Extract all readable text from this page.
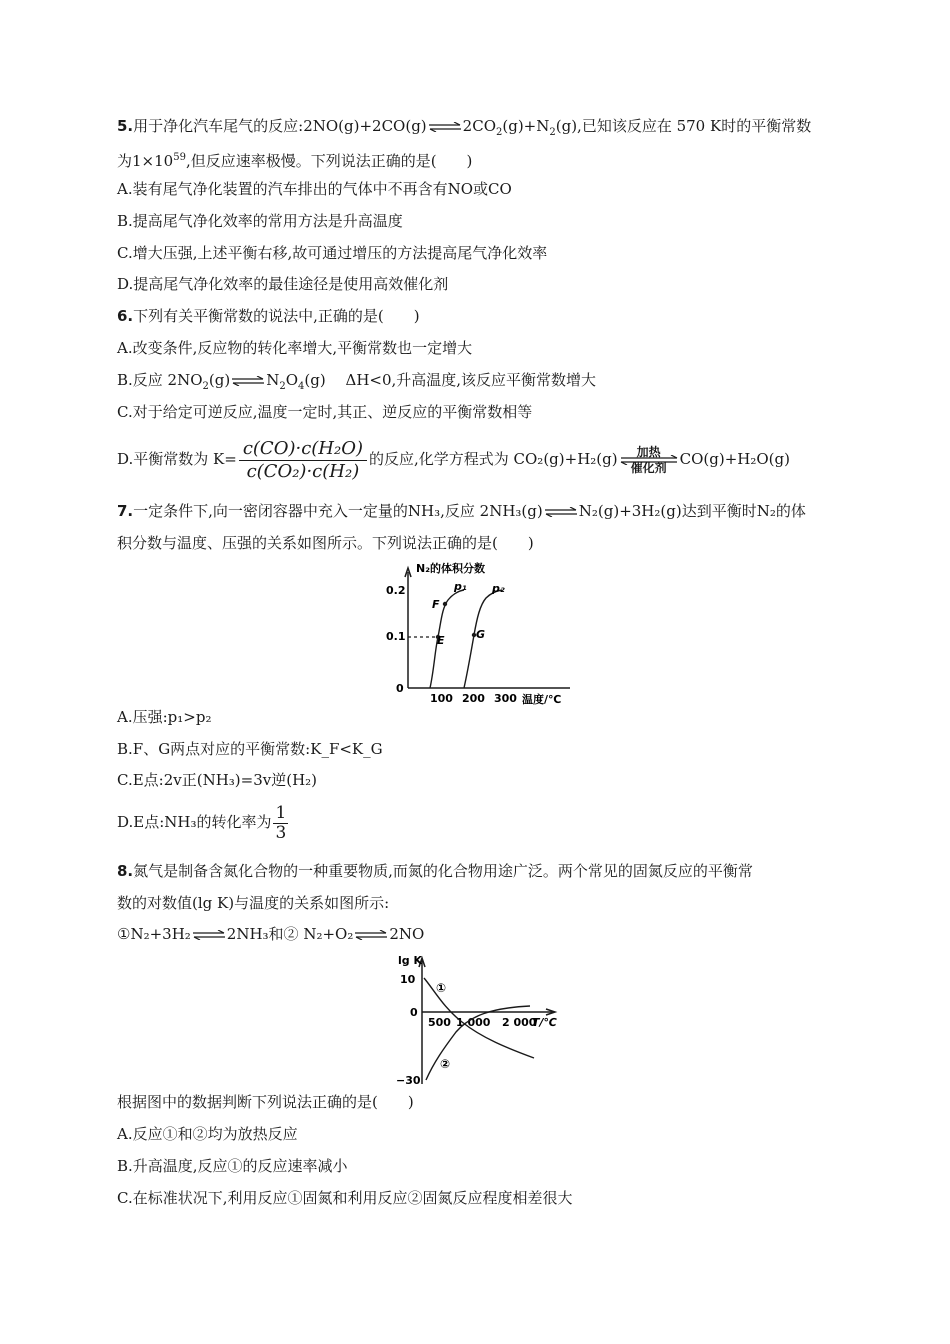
5.用于净化汽车尾气的反应$:2NO(g)+2CO(g)\rightleftharpoons 2CO_2(g)+N_2(g)$,已知该反应在 570 K时的平衡常数
为$1\times 10^{59}$,但反应速率极慢。下列说法正确的是(　　)
A.装有尾气净化装置的汽车排出的气体中不再含有NO或CO
B.提高尾气净化效率的常用方法是升高温度
C.增大压强,上述平衡右移,故可通过增压的方法提高尾气净化效率
D.提高尾气净化效率的最佳途径是使用高效催化剂
6.下列有关平衡常数的说法中,正确的是(　　)
A.改变条件,反应物的转化率增大,平衡常数也一定增大
B.反应 $2NO_2(g)\rightleftharpoons N_2O_4(g)$　 ΔH<0,升高温度,该反应平衡常数增大
C.对于给定可逆反应,温度一定时,其正、逆反应的平衡常数相等
D.平衡常数为 $K= \frac{\text{c(CO)·c(H₂O)}}{\text{c(CO₂)·c(H₂)}}$ 的反应,化学方程式为 CO₂(g)+H₂(g)	催化剂
加热	CO(g)+H₂O(g)
7.一定条件下,向一密闭容器中充入一定量的NH₃,反应 2NH₃(g)⇌N₂(g)+3H₂(g)达到平衡时N₂的体
积分数与温度、压强的关系如图所示。下列说法正确的是(　　)
N₂的体积分数
0.2
0.1
0
100 200 300 温度/℃
F
E	G
p₁ p₂
A.压强:p₁>p₂
B.F、G两点对应的平衡常数:K_F<K_G
C.E点:2v正(NH₃)=3v逆(H₂)
D.E点:NH₃的转化率为 $\frac{1}{3}$
8.氮气是制备含氮化合物的一种重要物质,而氮的化合物用途广泛。两个常见的固氮反应的平衡常
数的对数值(lg K)与温度的关系如图所示:
①N₂+3H₂⇌2NH₃和② N₂+O₂⇌2NO
lg K
10
0
−30
500 1 000 2 000
T/℃
①
②
根据图中的数据判断下列说法正确的是(　　)
A.反应①和②均为放热反应
B.升高温度,反应①的反应速率减小
C.在标准状况下,利用反应①固氮和利用反应②固氮反应程度相差很大
